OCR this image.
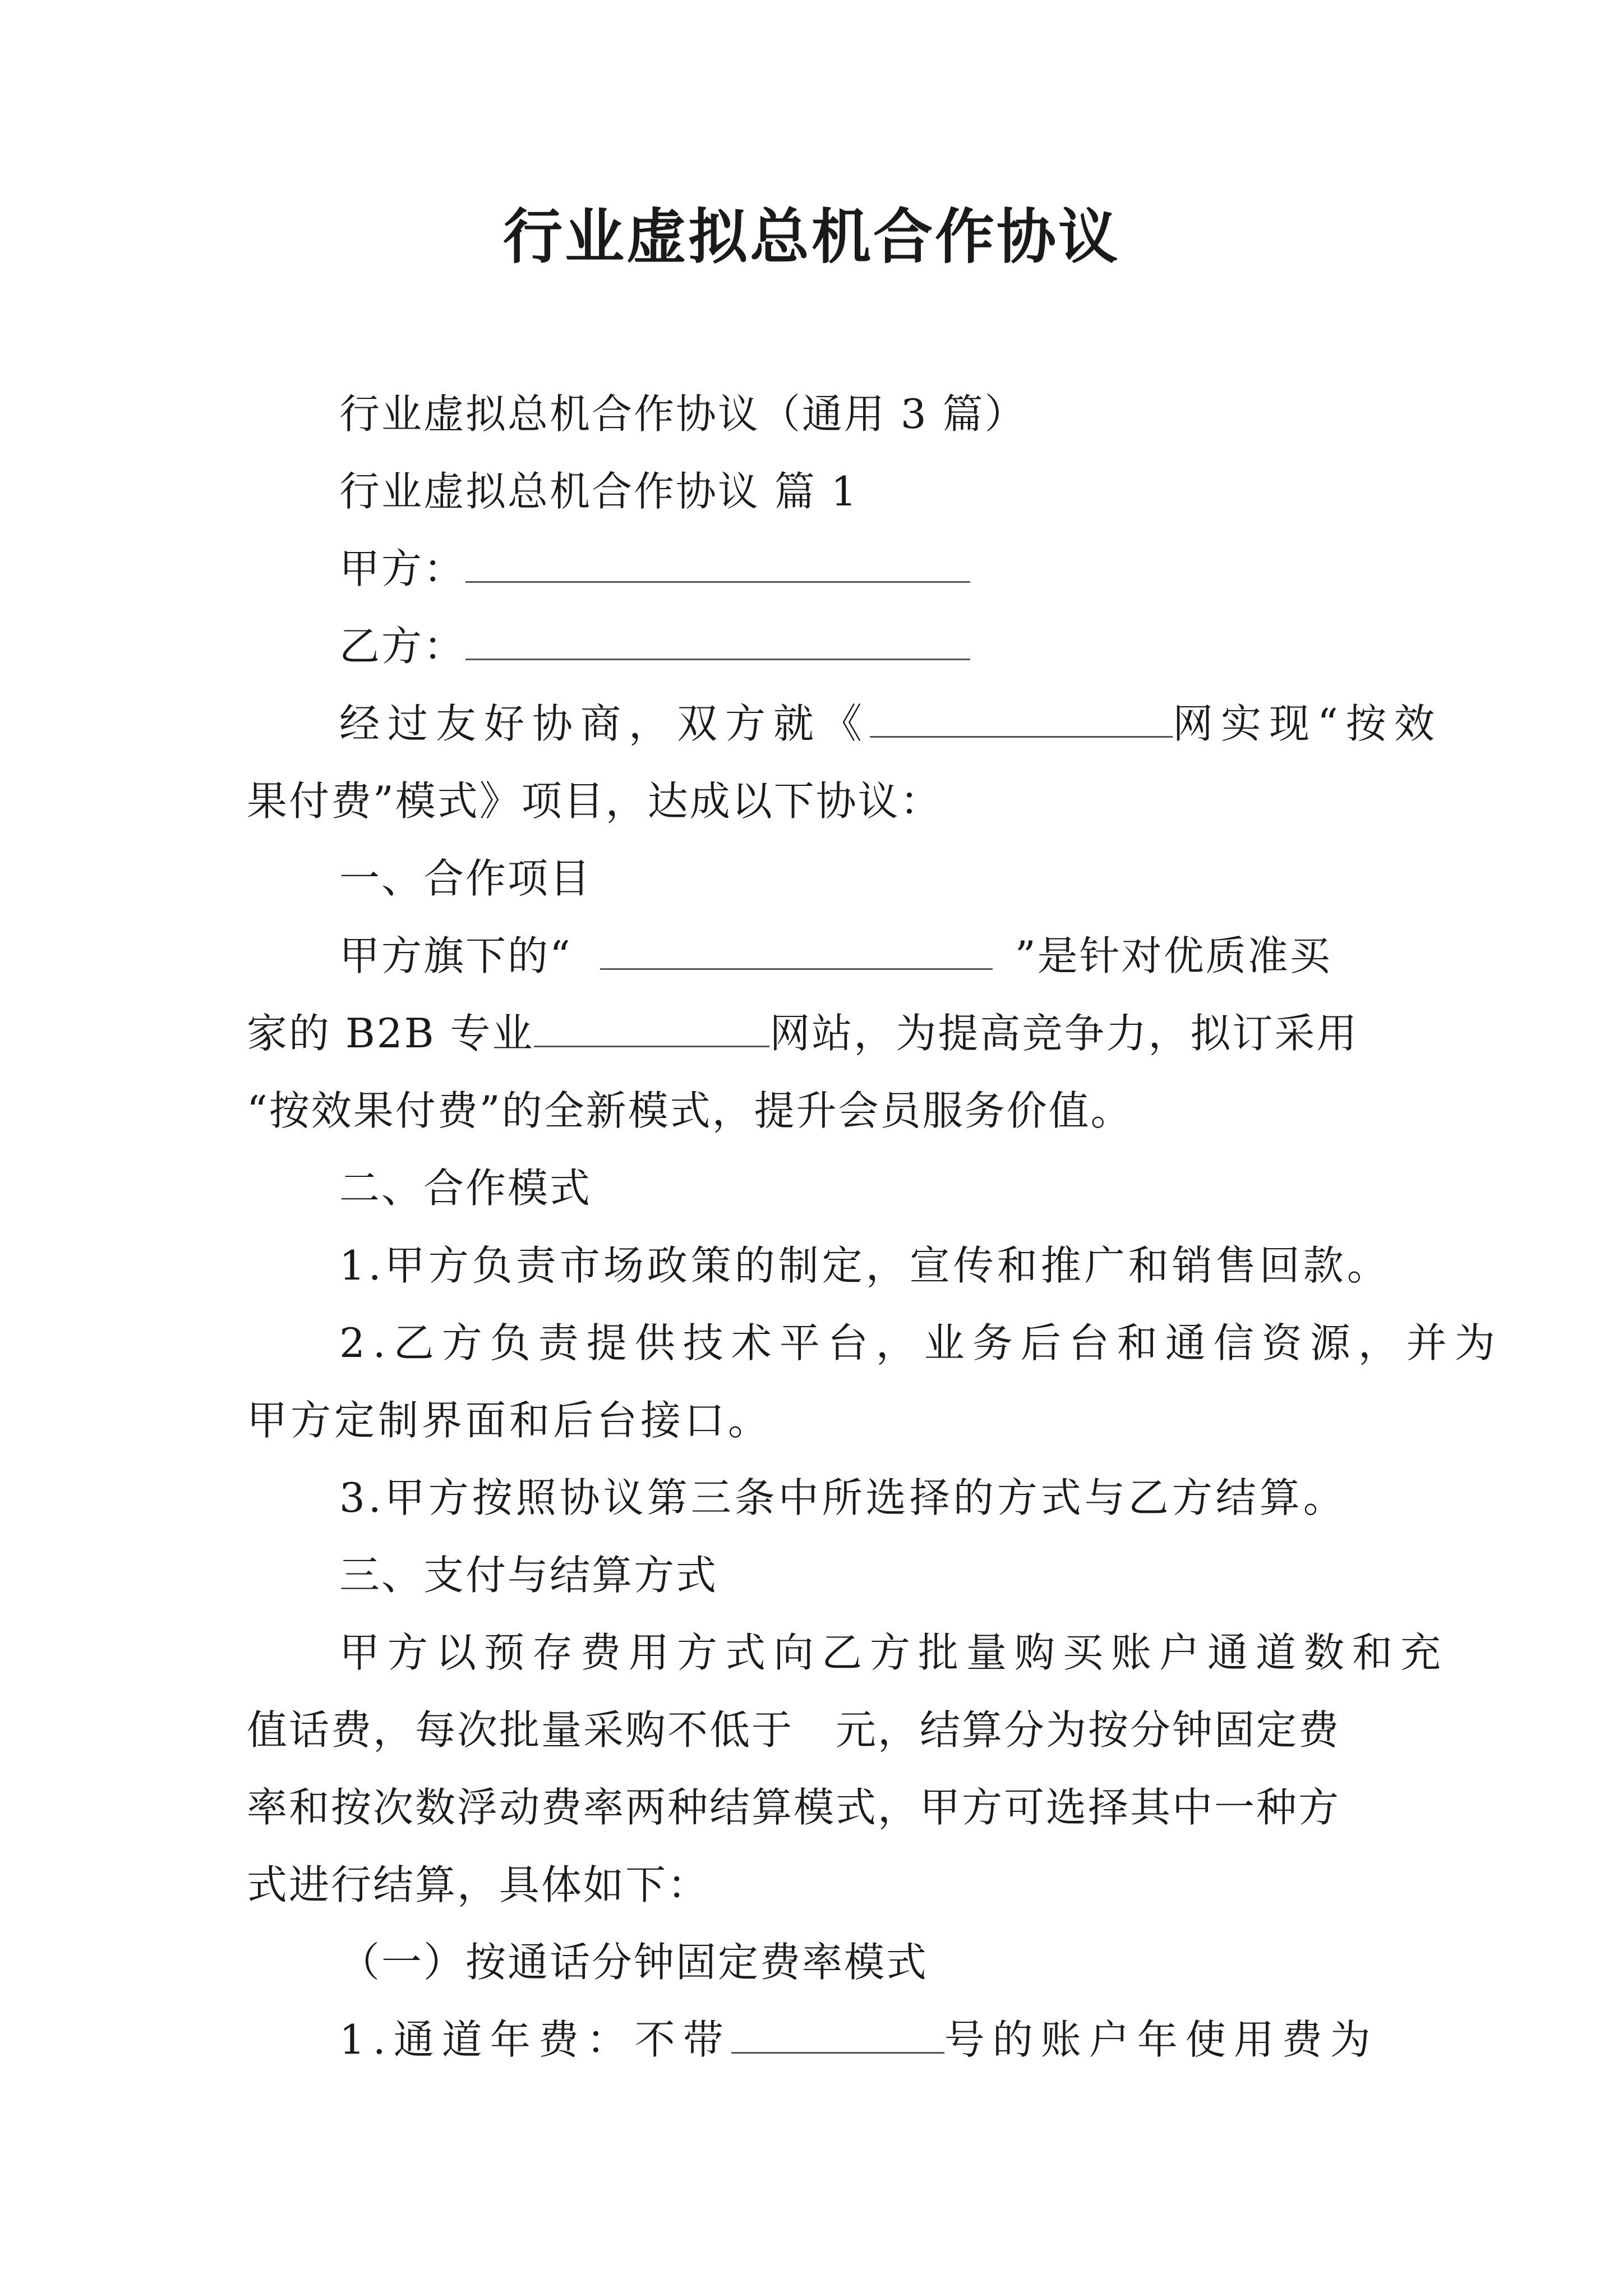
行业虚拟总机合作协议
行业虚拟总机合作协议（通用 3 篇）
行业虚拟总机合作协议 篇 1
甲方：
乙方：
经过友好协商，双方就《	网实现“按效
果付费”模式》项目，达成以下协议：
一、合作项目
甲方旗下的“	”是针对优质准买
家的 B2B 专业	网站，为提高竞争力，拟订采用
“按效果付费”的全新模式，提升会员服务价值。
二、合作模式
1.甲方负责市场政策的制定，宣传和推广和销售回款。
2.乙方负责提供技术平台，业务后台和通信资源，并为
甲方定制界面和后台接口。
3.甲方按照协议第三条中所选择的方式与乙方结算。
三、支付与结算方式
甲方以预存费用方式向乙方批量购买账户通道数和充
值话费，每次批量采购不低于　元，结算分为按分钟固定费
率和按次数浮动费率两种结算模式，甲方可选择其中一种方
式进行结算，具体如下：
（一）按通话分钟固定费率模式
1.通道年费：不带	号的账户年使用费为
